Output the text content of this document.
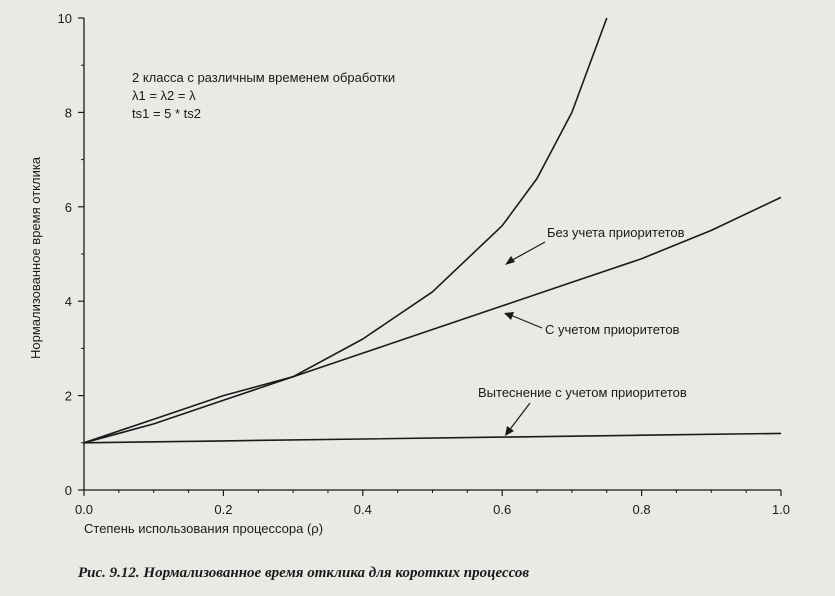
0.0	0.2	0.4	0.6	0.8	1.0
0
2
4
6
8
10
Нормализованное время отклика
Степень использования процессора (ρ)
2 класса с различным временем обработки
λ1 = λ2 = λ
ts1 = 5 * ts2
Без учета приоритетов
С учетом приоритетов
Вытеснение с учетом приоритетов
Рис. 9.12. Нормализованное время отклика для коротких процессов
